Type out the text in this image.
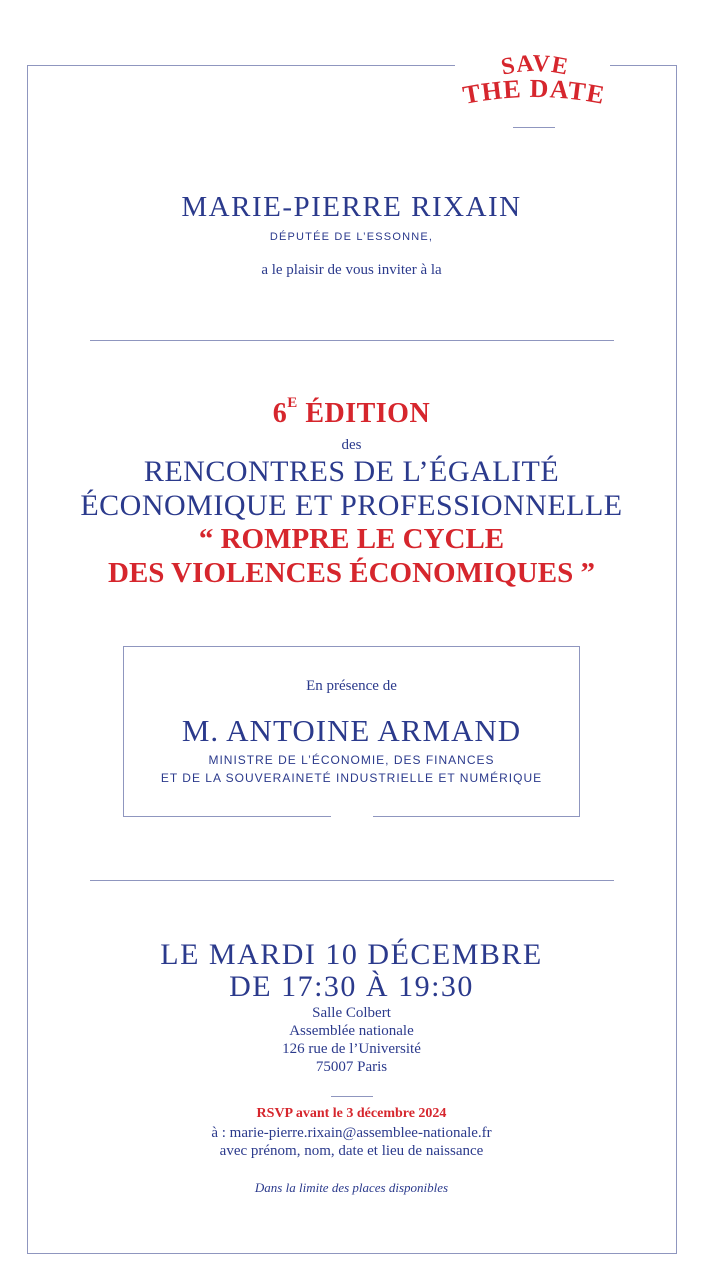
SAVE
THE DATE
MARIE-PIERRE RIXAIN
DÉPUTÉE DE L’ESSONNE,
a le plaisir de vous inviter à la
$6^E$ ÉDITION
des
RENCONTRES DE L’ÉGALITÉ
ÉCONOMIQUE ET PROFESSIONNELLE
“ ROMPRE LE CYCLE
DES VIOLENCES ÉCONOMIQUES ”
En présence de
M. ANTOINE ARMAND
MINISTRE DE L’ÉCONOMIE, DES FINANCES
ET DE LA SOUVERAINETÉ INDUSTRIELLE ET NUMÉRIQUE
LE MARDI 10 DÉCEMBRE
DE 17:30 À 19:30
Salle Colbert
Assemblée nationale
126 rue de l’Université
75007 Paris
RSVP avant le 3 décembre 2024
à : marie-pierre.rixain@assemblee-nationale.fr
avec prénom, nom, date et lieu de naissance
Dans la limite des places disponibles
